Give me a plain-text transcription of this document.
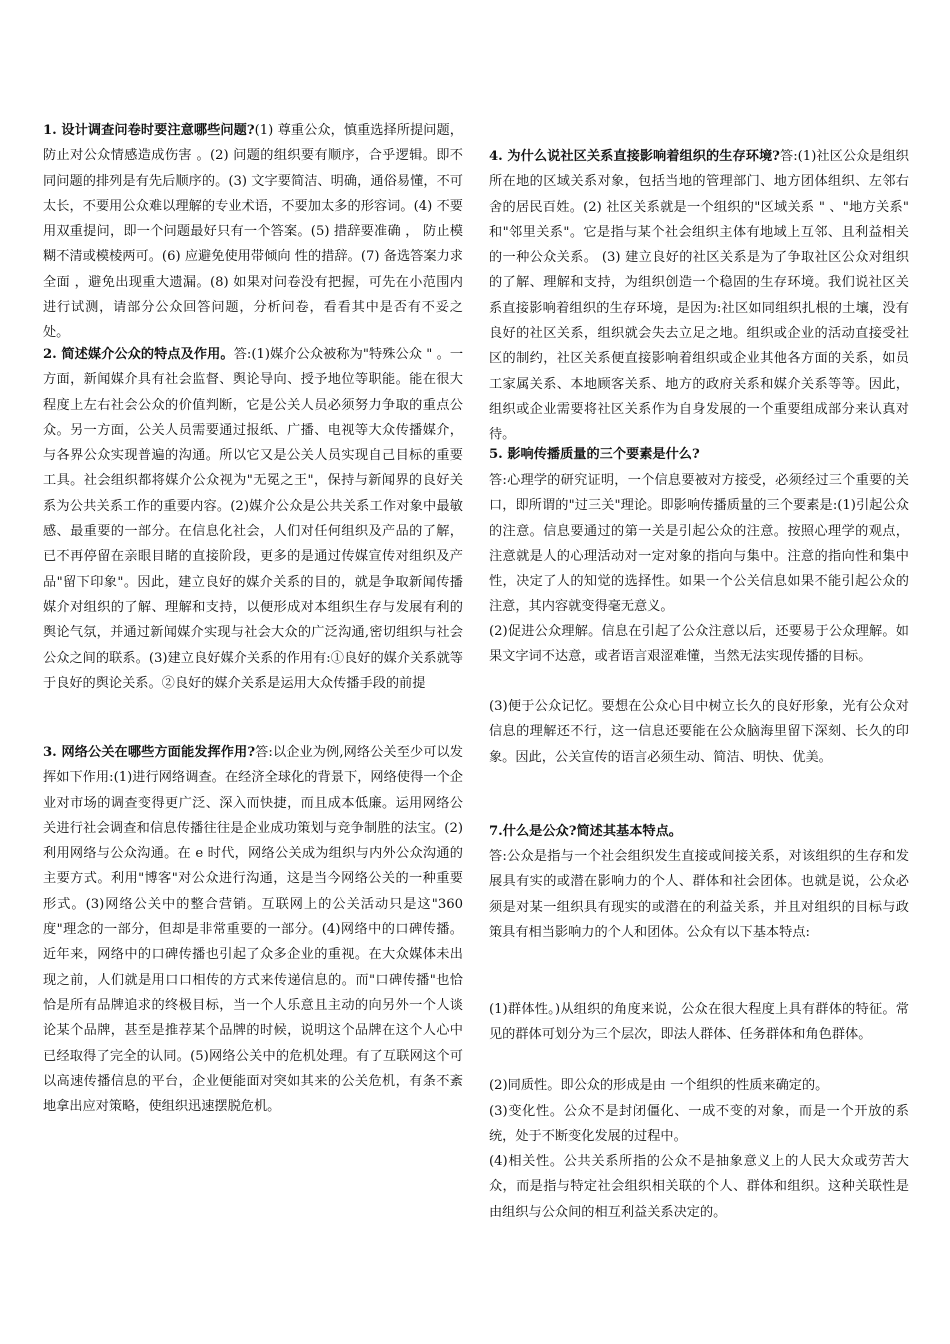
1. 设计调查问卷时要注意哪些问题?(1) 尊重公众，慎重选择所提问题，防止对公众情感造成伤害 。(2) 问题的组织要有顺序，合乎逻辑。即不同问题的排列是有先后顺序的。(3) 文字要简洁、明确，通俗易懂，不可太长，不要用公众难以理解的专业术语，不要加太多的形容词。(4) 不要用双重提问，即一个问题最好只有一个答案。(5) 措辞要准确 ， 防止模糊不清或模棱两可。(6) 应避免使用带倾向 性的措辞。(7) 备选答案力求全面 ，避免出现重大遗漏。(8) 如果对问卷没有把握，可先在小范围内进行试测，请部分公众回答问题，分析问卷，看看其中是否有不妥之处。

2. 简述媒介公众的特点及作用。答:(1)媒介公众被称为"特殊公众 " 。一方面，新闻媒介具有社会监督、舆论导向、授予地位等职能。能在很大程度上左右社会公众的价值判断，它是公关人员必须努力争取的重点公众。另一方面，公关人员需要通过报纸、广播、电视等大众传播媒介，与各界公众实现普遍的沟通。所以它又是公关人员实现自己目标的重要工具。社会组织都将媒介公众视为"无冕之王"，保持与新闻界的良好关系为公共关系工作的重要内容。(2)媒介公众是公共关系工作对象中最敏感、最重要的一部分。在信息化社会，人们对任何组织及产品的了解，已不再停留在亲眼目睹的直接阶段，更多的是通过传媒宣传对组织及产品"留下印象"。因此，建立良好的媒介关系的目的，就是争取新闻传播媒介对组织的了解、理解和支持，以便形成对本组织生存与发展有利的舆论气氛，并通过新闻媒介实现与社会大众的广泛沟通,密切组织与社会公众之间的联系。(3)建立良好媒介关系的作用有:①良好的媒介关系就等于良好的舆论关系。②良好的媒介关系是运用大众传播手段的前提

3. 网络公关在哪些方面能发挥作用?答:以企业为例,网络公关至少可以发挥如下作用:(1)进行网络调查。在经济全球化的背景下，网络使得一个企业对市场的调查变得更广泛、深入而快捷，而且成本低廉。运用网络公关进行社会调查和信息传播往往是企业成功策划与竞争制胜的法宝。(2)利用网络与公众沟通。在 e 时代，网络公关成为组织与内外公众沟通的主要方式。利用"博客"对公众进行沟通，这是当今网络公关的一种重要形式。(3)网络公关中的整合营销。互联网上的公关活动只是这"360 度"理念的一部分，但却是非常重要的一部分。(4)网络中的口碑传播。近年来，网络中的口碑传播也引起了众多企业的重视。在大众媒体未出现之前，人们就是用口口相传的方式来传递信息的。而"口碑传播"也恰恰是所有品牌追求的终极目标，当一个人乐意且主动的向另外一个人谈论某个品牌，甚至是推荐某个品牌的时候，说明这个品牌在这个人心中已经取得了完全的认同。(5)网络公关中的危机处理。有了互联网这个可以高速传播信息的平台，企业便能面对突如其来的公关危机，有条不紊地拿出应对策略，使组织迅速摆脱危机。

4. 为什么说社区关系直接影响着组织的生存环境?答:(1)社区公众是组织所在地的区域关系对象，包括当地的管理部门、地方团体组织、左邻右舍的居民百姓。(2) 社区关系就是一个组织的"区域关系 " 、"地方关系" 和"邻里关系"。它是指与某个社会组织主体有地域上互邻、且利益相关的一种公众关系。 (3) 建立良好的社区关系是为了争取社区公众对组织的了解、理解和支持，为组织创造一个稳固的生存环境。我们说社区关系直接影响着组织的生存环境，是因为:社区如同组织扎根的土壤，没有良好的社区关系，组织就会失去立足之地。组织或企业的活动直接受社区的制约，社区关系便直接影响着组织或企业其他各方面的关系，如员工家属关系、本地顾客关系、地方的政府关系和媒介关系等等。因此，组织或企业需要将社区关系作为自身发展的一个重要组成部分来认真对待。

5. 影响传播质量的三个要素是什么?

答:心理学的研究证明，一个信息要被对方接受，必须经过三个重要的关口，即所谓的"过三关"理论。即影响传播质量的三个要素是:(1)引起公众的注意。信息要通过的第一关是引起公众的注意。按照心理学的观点，注意就是人的心理活动对一定对象的指向与集中。注意的指向性和集中性，决定了人的知觉的选择性。如果一个公关信息如果不能引起公众的注意，其内容就变得毫无意义。

(2)促进公众理解。信息在引起了公众注意以后，还要易于公众理解。如果文字词不达意，或者语言艰涩难懂，当然无法实现传播的目标。

(3)便于公众记忆。要想在公众心目中树立长久的良好形象，光有公众对信息的理解还不行，这一信息还要能在公众脑海里留下深刻、长久的印象。因此，公关宣传的语言必须生动、简洁、明快、优美。

7.什么是公众?简述其基本特点。

答:公众是指与一个社会组织发生直接或间接关系，对该组织的生存和发展具有实的或潜在影响力的个人、群体和社会团体。也就是说，公众必须是对某一组织具有现实的或潜在的利益关系，并且对组织的目标与政策具有相当影响力的个人和团体。公众有以下基本特点:

(1)群体性。)从组织的角度来说，公众在很大程度上具有群体的特征。常见的群体可划分为三个层次，即法人群体、任务群体和角色群体。

(2)同质性。即公众的形成是由 一个组织的性质来确定的。

(3)变化性。公众不是封闭僵化、一成不变的对象，而是一个开放的系统，处于不断变化发展的过程中。

(4)相关性。公共关系所指的公众不是抽象意义上的人民大众或劳苦大众，而是指与特定社会组织相关联的个人、群体和组织。这种关联性是由组织与公众间的相互利益关系决定的。
